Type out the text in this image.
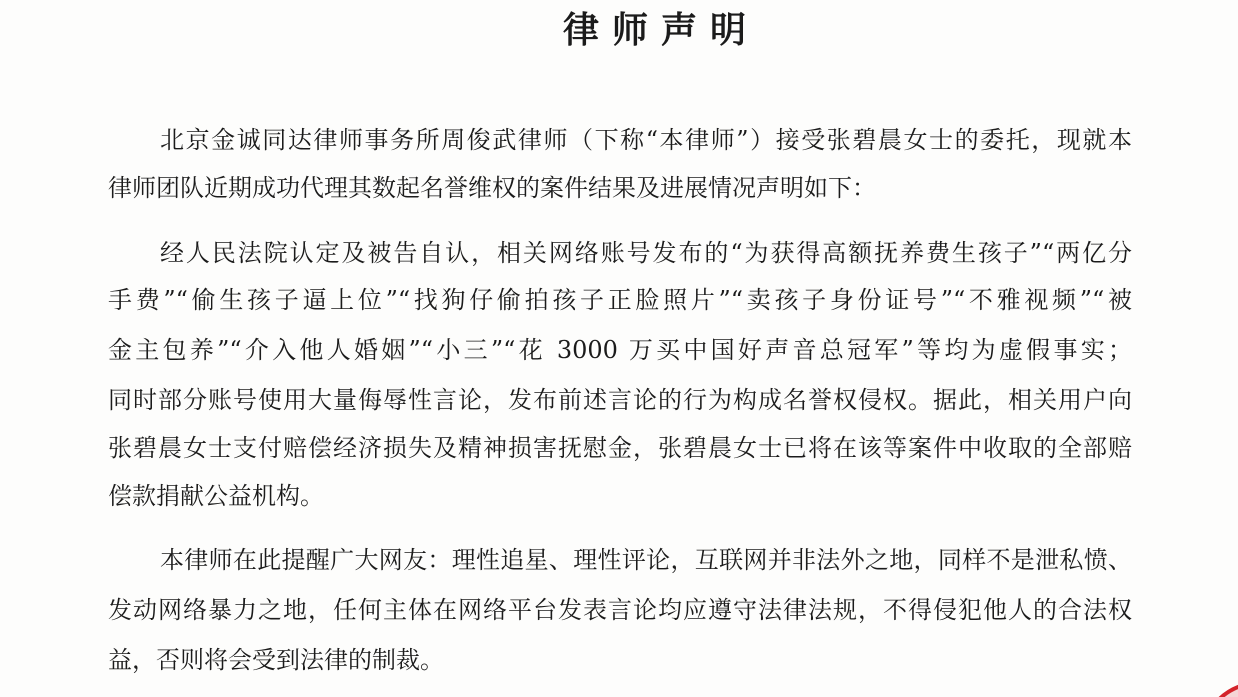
律师声明
北京金诚同达律师事务所周俊武律师（下称“本律师”）接受张碧晨女士的委托，现就本
律师团队近期成功代理其数起名誉维权的案件结果及进展情况声明如下：
经人民法院认定及被告自认，相关网络账号发布的“为获得高额抚养费生孩子”“两亿分
手费”“偷生孩子逼上位”“找狗仔偷拍孩子正脸照片”“卖孩子身份证号”“不雅视频”“被
金主包养”“介入他人婚姻”“小三”“花 3000 万买中国好声音总冠军”等均为虚假事实；
同时部分账号使用大量侮辱性言论，发布前述言论的行为构成名誉权侵权。据此，相关用户向
张碧晨女士支付赔偿经济损失及精神损害抚慰金，张碧晨女士已将在该等案件中收取的全部赔
偿款捐献公益机构。
本律师在此提醒广大网友：理性追星、理性评论，互联网并非法外之地，同样不是泄私愤、
发动网络暴力之地，任何主体在网络平台发表言论均应遵守法律法规，不得侵犯他人的合法权
益，否则将会受到法律的制裁。
